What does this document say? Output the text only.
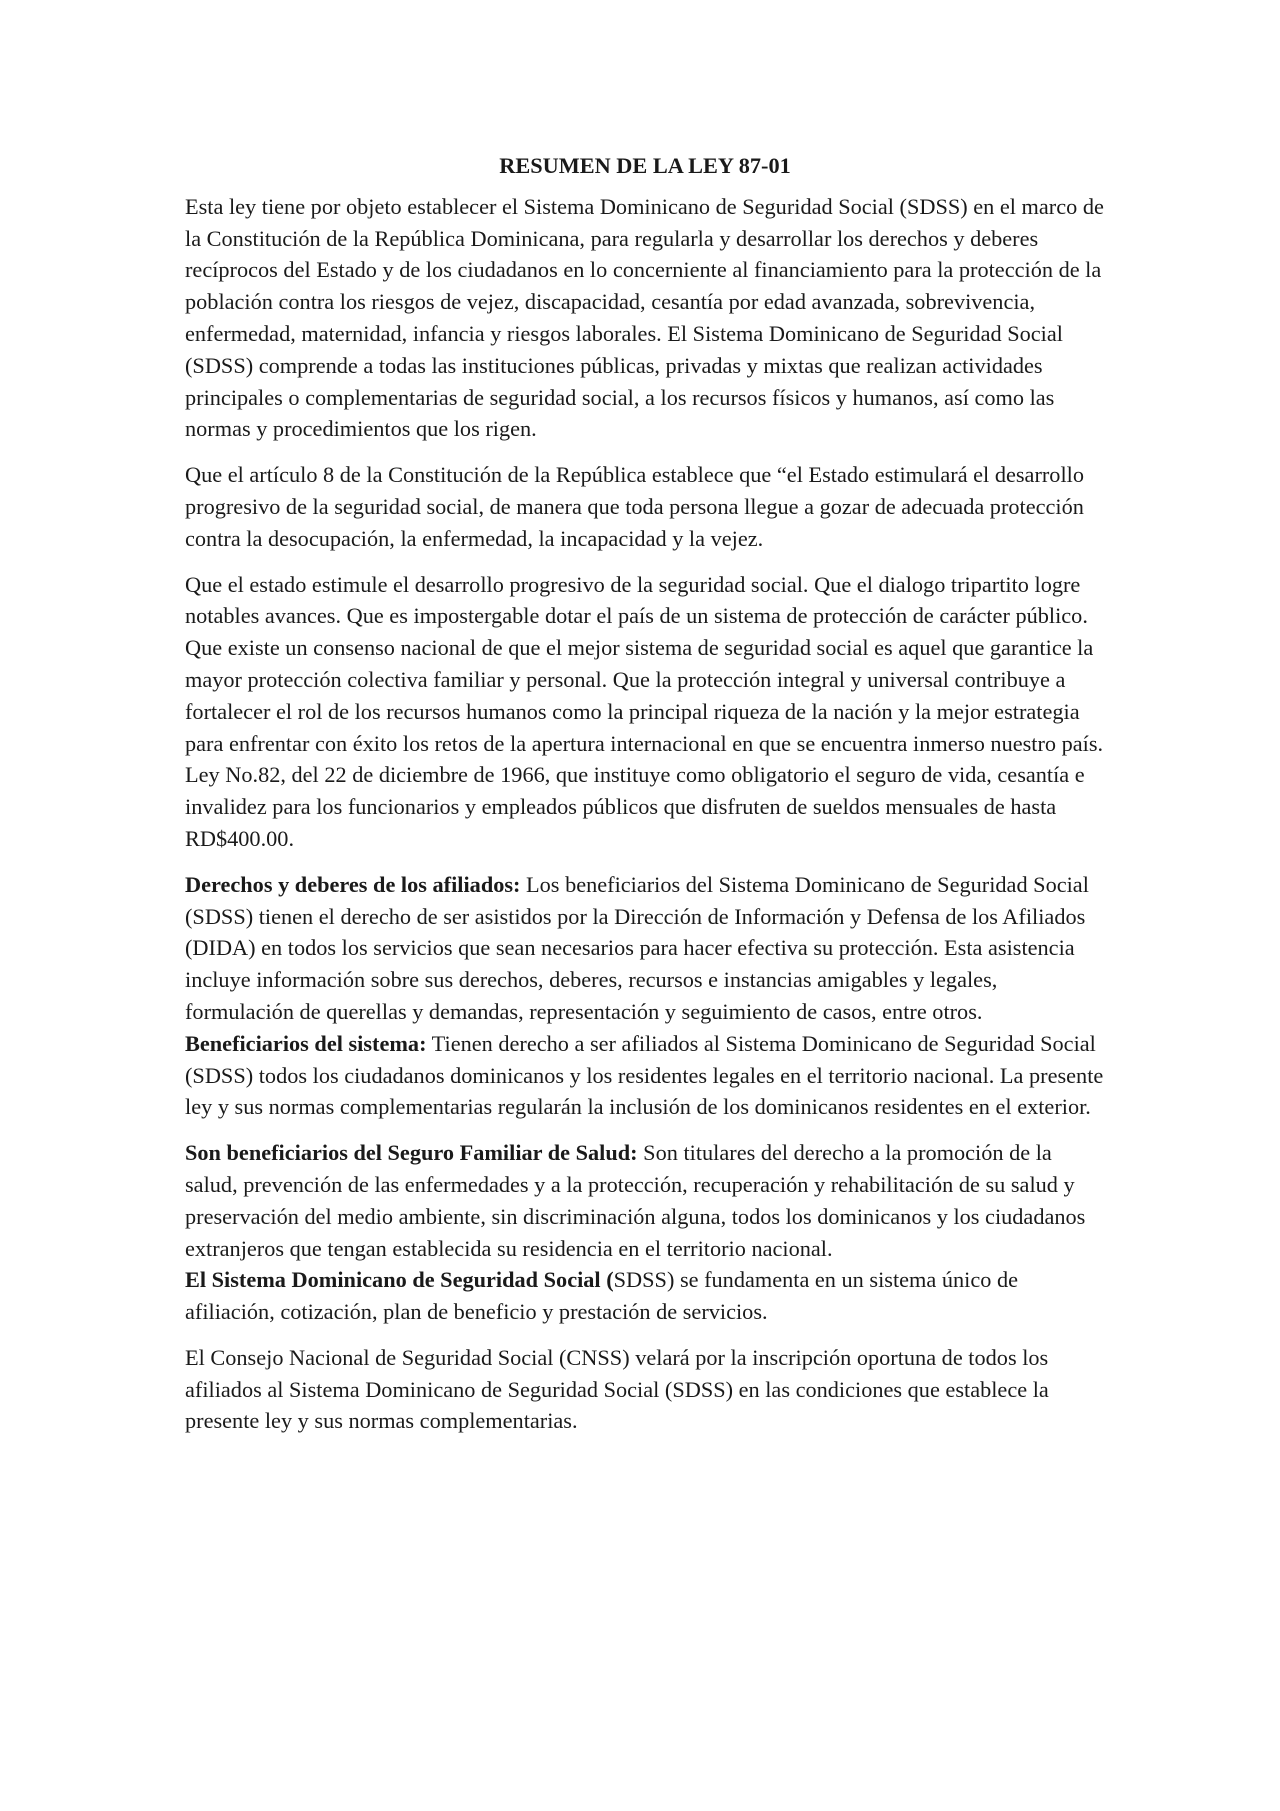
RESUMEN DE LA LEY 87-01

Esta ley tiene por objeto establecer el Sistema Dominicano de Seguridad Social (SDSS) en el marco de la Constitución de la República Dominicana, para regularla y desarrollar los derechos y deberes recíprocos del Estado y de los ciudadanos en lo concerniente al financiamiento para la protección de la población contra los riesgos de vejez, discapacidad, cesantía por edad avanzada, sobrevivencia, enfermedad, maternidad, infancia y riesgos laborales. El Sistema Dominicano de Seguridad Social (SDSS) comprende a todas las instituciones públicas, privadas y mixtas que realizan actividades principales o complementarias de seguridad social, a los recursos físicos y humanos, así como las normas y procedimientos que los rigen.

Que el artículo 8 de la Constitución de la República establece que “el Estado estimulará el desarrollo progresivo de la seguridad social, de manera que toda persona llegue a gozar de adecuada protección contra la desocupación, la enfermedad, la incapacidad y la vejez.

Que el estado estimule el desarrollo progresivo de la seguridad social. Que el dialogo tripartito logre notables avances. Que es impostergable dotar el país de un sistema de protección de carácter público. Que existe un consenso nacional de que el mejor sistema de seguridad social es aquel que garantice la mayor protección colectiva familiar y personal. Que la protección integral y universal contribuye a fortalecer el rol de los recursos humanos como la principal riqueza de la nación y la mejor estrategia para enfrentar con éxito los retos de la apertura internacional en que se encuentra inmerso nuestro país. Ley No.82, del 22 de diciembre de 1966, que instituye como obligatorio el seguro de vida, cesantía e invalidez para los funcionarios y empleados públicos que disfruten de sueldos mensuales de hasta RD$400.00.

Derechos y deberes de los afiliados: Los beneficiarios del Sistema Dominicano de Seguridad Social (SDSS) tienen el derecho de ser asistidos por la Dirección de Información y Defensa de los Afiliados (DIDA) en todos los servicios que sean necesarios para hacer efectiva su protección. Esta asistencia incluye información sobre sus derechos, deberes, recursos e instancias amigables y legales, formulación de querellas y demandas, representación y seguimiento de casos, entre otros.

Beneficiarios del sistema: Tienen derecho a ser afiliados al Sistema Dominicano de Seguridad Social (SDSS) todos los ciudadanos dominicanos y los residentes legales en el territorio nacional. La presente ley y sus normas complementarias regularán la inclusión de los dominicanos residentes en el exterior.

Son beneficiarios del Seguro Familiar de Salud: Son titulares del derecho a la promoción de la salud, prevención de las enfermedades y a la protección, recuperación y rehabilitación de su salud y preservación del medio ambiente, sin discriminación alguna, todos los dominicanos y los ciudadanos extranjeros que tengan establecida su residencia en el territorio nacional.

El Sistema Dominicano de Seguridad Social (SDSS) se fundamenta en un sistema único de afiliación, cotización, plan de beneficio y prestación de servicios.

El Consejo Nacional de Seguridad Social (CNSS) velará por la inscripción oportuna de todos los afiliados al Sistema Dominicano de Seguridad Social (SDSS) en las condiciones que establece la presente ley y sus normas complementarias.
